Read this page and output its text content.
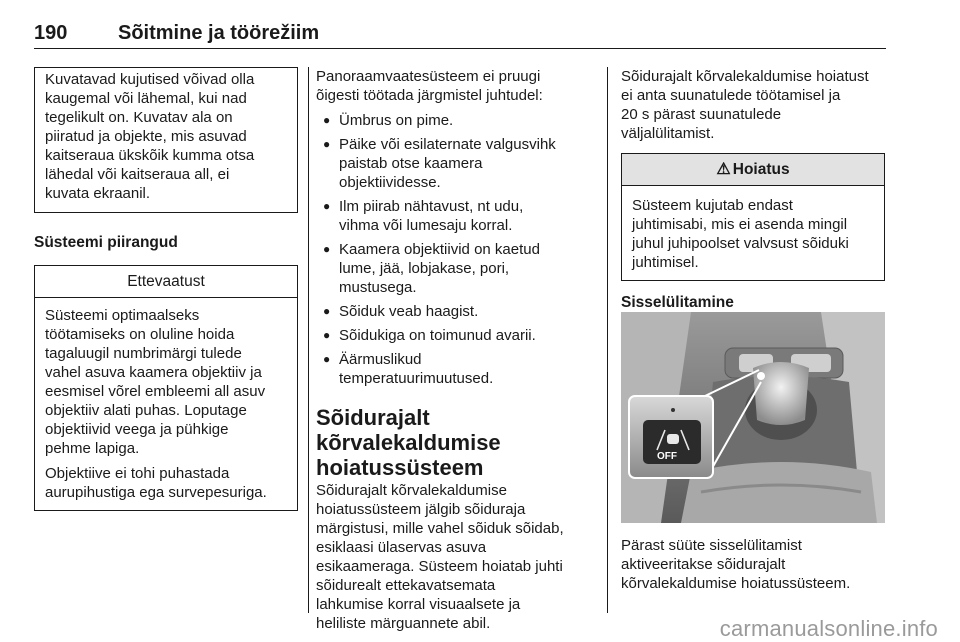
190	Sõitmine ja töörežiim

Kuvatavad kujutised võivad olla
kaugemal või lähemal, kui nad
tegelikult on. Kuvatav ala on
piiratud ja objekte, mis asuvad
kaitseraua ükskõik kumma otsa
lähedal või kaitseraua all, ei
kuvata ekraanil.

Süsteemi piirangud
Ettevaatust

Süsteemi optimaalseks
töötamiseks on oluline hoida
tagaluugil numbrimärgi tulede
vahel asuva kaamera objektiiv ja
eesmisel võrel embleemi all asuv
objektiiv alati puhas. Loputage
objektiivid veega ja pühkige
pehme lapiga.

Objektiive ei tohi puhastada
aurupihustiga ega survepesuriga.

Panoraamvaatesüsteem ei pruugi
õigesti töötada järgmistel juhtudel:

● Ümbrus on pime.
● Päike või esilaternate valgusvihk
paistab otse kaamera
objektiividesse.
● Ilm piirab nähtavust, nt udu,
vihma või lumesaju korral.
● Kaamera objektiivid on kaetud
lume, jää, lobjakase, pori,
mustusega.
● Sõiduk veab haagist.
● Sõidukiga on toimunud avarii.
● Äärmuslikud
temperatuurimuutused.
Sõidurajalt
kõrvalekaldumise
hoiatussüsteem

Sõidurajalt kõrvalekaldumise
hoiatussüsteem jälgib sõiduraja
märgistusi, mille vahel sõiduk sõidab,
esiklaasi ülaservas asuva
esikaameraga. Süsteem hoiatab juhti
sõidurealt ettekavatsemata
lahkumise korral visuaalsete ja
heliliste märguannete abil.

Sõidurajalt kõrvalekaldumise hoiatust
ei anta suunatulede töötamisel ja
20 s pärast suunatulede
väljalülitamist.

⚠ Hoiatus

Süsteem kujutab endast
juhtimisabi, mis ei asenda mingil
juhul juhipoolset valvsust sõiduki
juhtimisel.

Sisselülitamine

Pärast süüte sisselülitamist
aktiveeritakse sõidurajalt
kõrvalekaldumise hoiatussüsteem.

OFF
carmanualsonline.info
